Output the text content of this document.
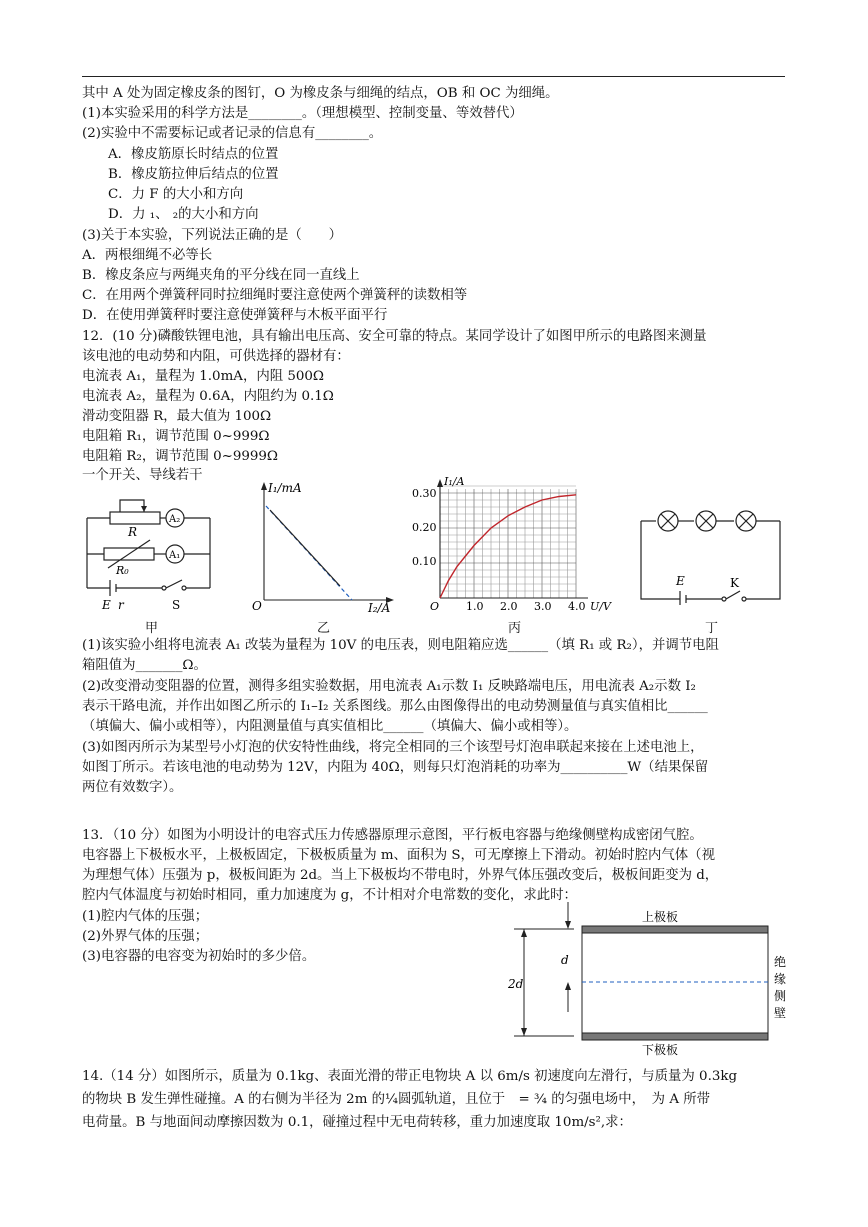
其中 A 处为固定橡皮条的图钉，O 为橡皮条与细绳的结点，OB 和 OC 为细绳。
(1)本实验采用的科学方法是________。（理想模型、控制变量、等效替代）
(2)实验中不需要标记或者记录的信息有________。
A．橡皮筋原长时结点的位置
B．橡皮筋拉伸后结点的位置
C．力 F 的大小和方向
D．力 ₁、 ₂的大小和方向
(3)关于本实验，下列说法正确的是（　　）
A．两根细绳不必等长
B．橡皮条应与两绳夹角的平分线在同一直线上
C．在用两个弹簧秤同时拉细绳时要注意使两个弹簧秤的读数相等
D．在使用弹簧秤时要注意使弹簧秤与木板平面平行
12．(10 分)磷酸铁锂电池，具有输出电压高、安全可靠的特点。某同学设计了如图甲所示的电路图来测量
该电池的电动势和内阻，可供选择的器材有：
电流表 A₁，量程为 1.0mA，内阻 500Ω
电流表 A₂，量程为 0.6A，内阻约为 0.1Ω
滑动变阻器 R，最大值为 100Ω
电阻箱 R₁，调节范围 0~999Ω
电阻箱 R₂，调节范围 0~9999Ω
一个开关、导线若干
A₂
A₁
R
R₀
E r	S
甲
I₁/mA
I₂/A
O
乙
0.30
0.20
0.10
1.0 2.0 3.0 4.0 U/V
I₁/A
O
丙
E	K
丁
(1)该实验小组将电流表 A₁ 改装为量程为 10V 的电压表，则电阻箱应选______（填 R₁ 或 R₂），并调节电阻
箱阻值为_______Ω。
(2)改变滑动变阻器的位置，测得多组实验数据，用电流表 A₁示数 I₁ 反映路端电压，用电流表 A₂示数 I₂
表示干路电流，并作出如图乙所示的 I₁–I₂ 关系图线。那么由图像得出的电动势测量值与真实值相比______
（填偏大、偏小或相等），内阻测量值与真实值相比______（填偏大、偏小或相等）。
(3)如图丙所示为某型号小灯泡的伏安特性曲线，将完全相同的三个该型号灯泡串联起来接在上述电池上，
如图丁所示。若该电池的电动势为 12V，内阻为 40Ω，则每只灯泡消耗的功率为__________W（结果保留
两位有效数字）。
13．（10 分）如图为小明设计的电容式压力传感器原理示意图，平行板电容器与绝缘侧壁构成密闭气腔。
电容器上下极板水平，上极板固定，下极板质量为 m、面积为 S，可无摩擦上下滑动。初始时腔内气体（视
为理想气体）压强为 p，极板间距为 2d。当上下极板均不带电时，外界气体压强改变后，极板间距变为 d，
腔内气体温度与初始时相同，重力加速度为 g，不计相对介电常数的变化，求此时：
(1)腔内气体的压强；
(2)外界气体的压强；
(3)电容器的电容变为初始时的多少倍。
2d
d
上极板
下极板
绝
缘
侧
壁
14.（14 分）如图所示，质量为 0.1kg、表面光滑的带正电物块 A 以 6m/s 初速度向左滑行，与质量为 0.3kg
的物块 B 发生弹性碰撞。A 的右侧为半径为 2m 的¼圆弧轨道，且位于　= ¾ 的匀强电场中，　为 A 所带
电荷量。B 与地面间动摩擦因数为 0.1，碰撞过程中无电荷转移，重力加速度取 10m/s²,求：
